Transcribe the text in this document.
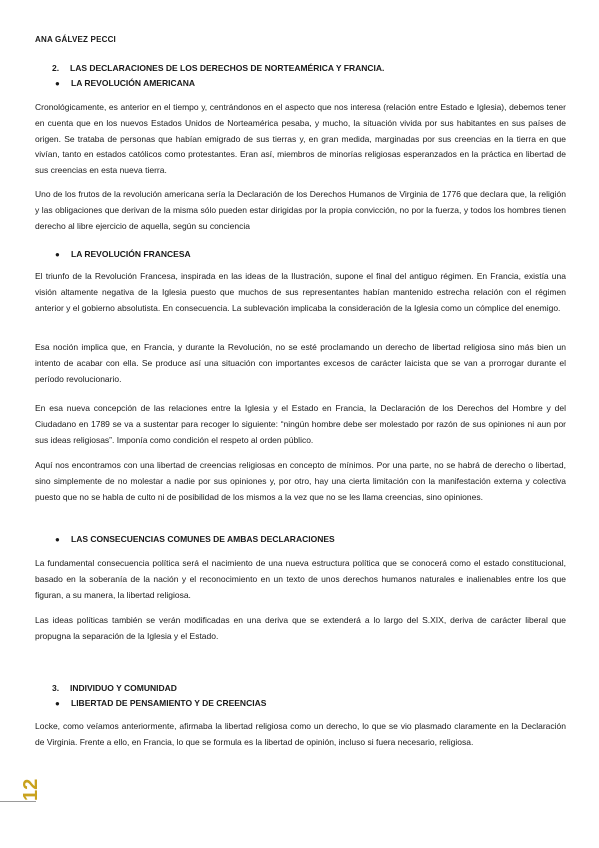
ANA GÁLVEZ PECCI
2. LAS DECLARACIONES DE LOS DERECHOS DE NORTEAMÉRICA Y FRANCIA.
● LA REVOLUCIÓN AMERICANA

Cronológicamente, es anterior en el tiempo y, centrándonos en el aspecto que nos interesa (relación entre Estado e Iglesia), debemos tener en cuenta que en los nuevos Estados Unidos de Norteamérica pesaba, y mucho, la situación vivida por sus habitantes en sus países de origen. Se trataba de personas que habían emigrado de sus tierras y, en gran medida, marginadas por sus creencias en la tierra en que vivían, tanto en estados católicos como protestantes. Eran así, miembros de minorías religiosas esperanzados en la práctica en libertad de sus creencias en esta nueva tierra.

Uno de los frutos de la revolución americana sería la Declaración de los Derechos Humanos de Virginia de 1776 que declara que, la religión y las obligaciones que derivan de la misma sólo pueden estar dirigidas por la propia convicción, no por la fuerza, y todos los hombres tienen derecho al libre ejercicio de aquella, según su conciencia

● LA REVOLUCIÓN FRANCESA

El triunfo de la Revolución Francesa, inspirada en las ideas de la Ilustración, supone el final del antiguo régimen. En Francia, existía una visión altamente negativa de la Iglesia puesto que muchos de sus representantes habían mantenido estrecha relación con el régimen anterior y el gobierno absolutista. En consecuencia. La sublevación implicaba la consideración de la Iglesia como un cómplice del enemigo.

Esa noción implica que, en Francia, y durante la Revolución, no se esté proclamando un derecho de libertad religiosa sino más bien un intento de acabar con ella. Se produce así una situación con importantes excesos de carácter laicista que se van a prorrogar durante el período revolucionario.

En esa nueva concepción de las relaciones entre la Iglesia y el Estado en Francia, la Declaración de los Derechos del Hombre y del Ciudadano en 1789 se va a sustentar para recoger lo siguiente: “ningún hombre debe ser molestado por razón de sus opiniones ni aun por sus ideas religiosas”. Imponía como condición el respeto al orden público.

Aquí nos encontramos con una libertad de creencias religiosas en concepto de mínimos. Por una parte, no se habrá de derecho o libertad, sino simplemente de no molestar a nadie por sus opiniones y, por otro, hay una cierta limitación con la manifestación externa y colectiva puesto que no se habla de culto ni de posibilidad de los mismos a la vez que no se les llama creencias, sino opiniones.

● LAS CONSECUENCIAS COMUNES DE AMBAS DECLARACIONES

La fundamental consecuencia política será el nacimiento de una nueva estructura política que se conocerá como el estado constitucional, basado en la soberanía de la nación y el reconocimiento en un texto de unos derechos humanos naturales e inalienables entre los que figuran, a su manera, la libertad religiosa.

Las ideas políticas también se verán modificadas en una deriva que se extenderá a lo largo del S.XIX, deriva de carácter liberal que propugna la separación de la Iglesia y el Estado.

3. INDIVIDUO Y COMUNIDAD
● LIBERTAD DE PENSAMIENTO Y DE CREENCIAS

Locke, como veíamos anteriormente, afirmaba la libertad religiosa como un derecho, lo que se vio plasmado claramente en la Declaración de Virginia. Frente a ello, en Francia, lo que se formula es la libertad de opinión, incluso si fuera necesario, religiosa.

12
